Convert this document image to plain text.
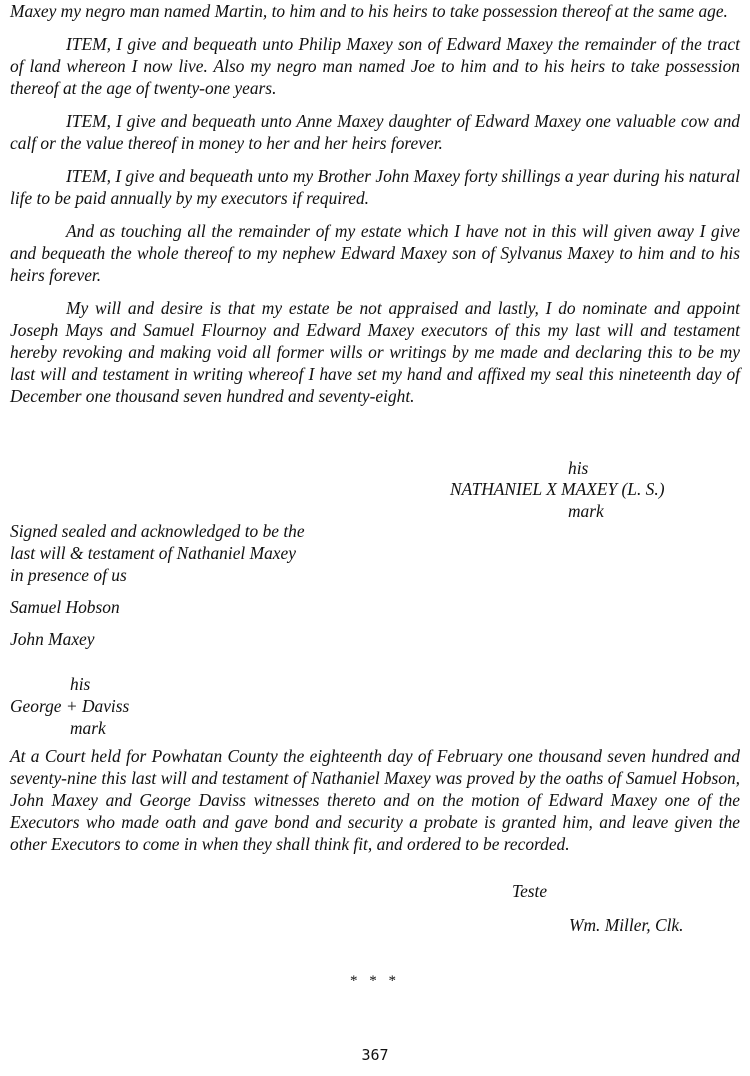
Maxey my negro man named Martin, to him and to his heirs to take possession thereof at the same age.

ITEM, I give and bequeath unto Philip Maxey son of Edward Maxey the remainder of the tract of land whereon I now live. Also my negro man named Joe to him and to his heirs to take possession thereof at the age of twenty-one years.

ITEM, I give and bequeath unto Anne Maxey daughter of Edward Maxey one valuable cow and calf or the value thereof in money to her and her heirs forever.

ITEM, I give and bequeath unto my Brother John Maxey forty shillings a year during his natural life to be paid annually by my executors if required.

And as touching all the remainder of my estate which I have not in this will given away I give and bequeath the whole thereof to my nephew Edward Maxey son of Sylvanus Maxey to him and to his heirs forever.

My will and desire is that my estate be not appraised and lastly, I do nominate and appoint Joseph Mays and Samuel Flournoy and Edward Maxey executors of this my last will and testament hereby revoking and making void all former wills or writings by me made and declaring this to be my last will and testament in writing whereof I have set my hand and affixed my seal this nineteenth day of December one thousand seven hundred and seventy-eight.

his
NATHANIEL X MAXEY (L. S.)
mark
Signed sealed and acknowledged to be the
last will & testament of Nathaniel Maxey
in presence of us
Samuel Hobson
John Maxey
his
George + Daviss
mark

At a Court held for Powhatan County the eighteenth day of February one thousand seven hundred and seventy-nine this last will and testament of Nathaniel Maxey was proved by the oaths of Samuel Hobson, John Maxey and George Daviss witnesses thereto and on the motion of Edward Maxey one of the Executors who made oath and gave bond and security a probate is granted him, and leave given the other Executors to come in when they shall think fit, and ordered to be recorded.

Teste
Wm. Miller, Clk.
* * *
367
